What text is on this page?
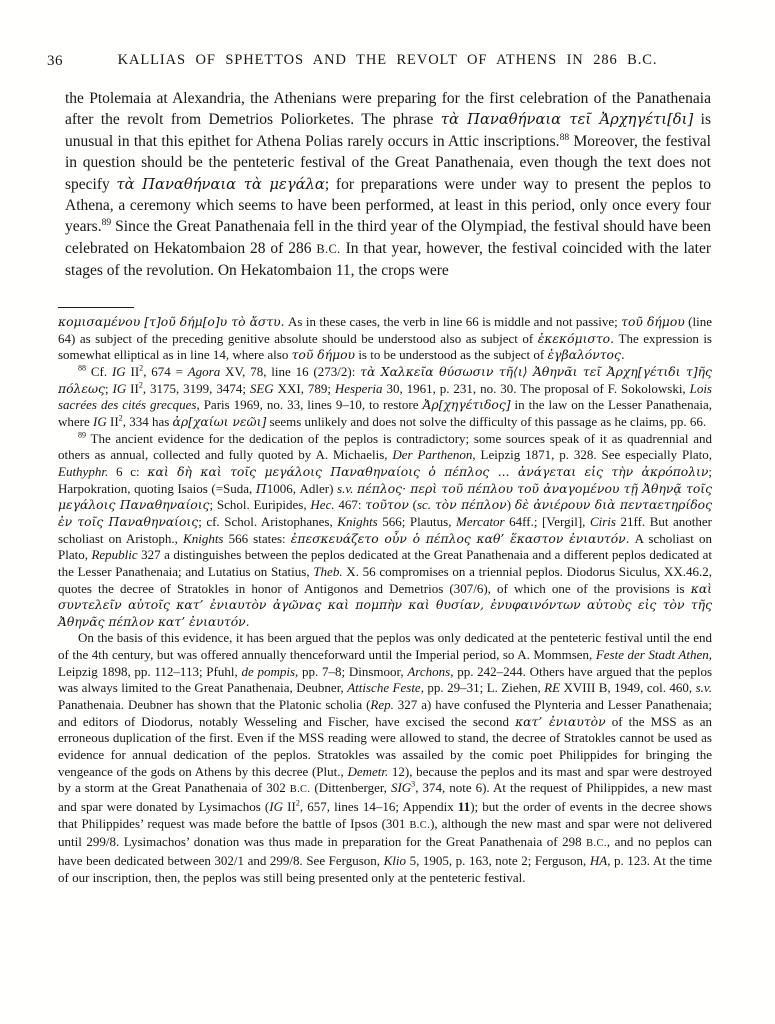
36	KALLIAS OF SPHETTOS AND THE REVOLT OF ATHENS IN 286 B.C.

the Ptolemaia at Alexandria, the Athenians were preparing for the first celebration of the Panathenaia after the revolt from Demetrios Poliorketes. The phrase τὰ Παναθήναια τεῖ Ἀρχηγέτι[δι] is unusual in that this epithet for Athena Polias rarely occurs in Attic inscriptions.$^{88}$ Moreover, the festival in question should be the penteteric festival of the Great Panathenaia, even though the text does not specify τὰ Παναθήναια τὰ μεγάλα; for preparations were under way to present the peplos to Athena, a ceremony which seems to have been performed, at least in this period, only once every four years.$^{89}$ Since the Great Panathenaia fell in the third year of the Olympiad, the festival should have been celebrated on Hekatombaion 28 of 286 B.C. In that year, however, the festival coincided with the later stages of the revolution. On Hekatombaion 11, the crops were

κομισαμένου [τ]οῦ δήμ[ο]υ τὸ ἄστυ. As in these cases, the verb in line 66 is middle and not passive; τοῦ δήμου (line 64) as subject of the preceding genitive absolute should be understood also as subject of ἐκεκόμιστο. The expression is somewhat elliptical as in line 14, where also τοῦ δήμου is to be understood as the subject of ἐγβαλόντος.

$^{88}$ Cf. IG $II^2$, 674 = Agora XV, 78, line 16 (273/2): τὰ Χαλκεῖα θύσωσιν τῆ⟨ι⟩ Ἀθηνᾶι τεῖ Ἀρχη[γέτιδι τ]ῆς πόλεως; IG $II^2$, 3175, 3199, 3474; SEG XXI, 789; Hesperia 30, 1961, p. 231, no. 30. The proposal of F. Sokolowski, Lois sacrées des cités grecques, Paris 1969, no. 33, lines 9–10, to restore Ἀρ[χηγέτιδος] in the law on the Lesser Panathenaia, where IG $II^2$, 334 has ἀρ[χαίωι νεῶι] seems unlikely and does not solve the difficulty of this passage as he claims, pp. 66.

$^{89}$ The ancient evidence for the dedication of the peplos is contradictory; some sources speak of it as quadrennial and others as annual, collected and fully quoted by A. Michaelis, Der Parthenon, Leipzig 1871, p. 328. See especially Plato, Euthyphr. 6 c: καὶ δὴ καὶ τοῖς μεγάλοις Παναθηναίοις ὁ πέπλος ... ἀνάγεται εἰς τὴν ἀκρόπολιν; Harpokration, quoting Isaios (=Suda, Π1006, Adler) s.v. πέπλος· περὶ τοῦ πέπλου τοῦ ἀναγομένου τῇ Ἀθηνᾷ τοῖς μεγάλοις Παναθηναίοις; Schol. Euripides, Hec. 467: τοῦτον (sc. τὸν πέπλον) δὲ ἀνιέρουν διὰ πενταετηρίδος ἐν τοῖς Παναθηναίοις; cf. Schol. Aristophanes, Knights 566; Plautus, Mercator 64ff.; [Vergil], Ciris 21ff. But another scholiast on Aristoph., Knights 566 states: ἐπεσκευάζετο οὖν ὁ πέπλος καθ’ ἕκαστον ἐνιαυτόν. A scholiast on Plato, Republic 327 a distinguishes between the peplos dedicated at the Great Panathenaia and a different peplos dedicated at the Lesser Panathenaia; and Lutatius on Statius, Theb. X. 56 compromises on a triennial peplos. Diodorus Siculus, XX.46.2, quotes the decree of Stratokles in honor of Antigonos and Demetrios (307/6), of which one of the provisions is καὶ συντελεῖν αὐτοῖς κατ’ ἐνιαυτὸν ἀγῶνας καὶ πομπὴν καὶ θυσίαν, ἐνυφαινόντων αὐτοὺς εἰς τὸν τῆς Ἀθηνᾶς πέπλον κατ’ ἐνιαυτόν.

On the basis of this evidence, it has been argued that the peplos was only dedicated at the penteteric festival until the end of the 4th century, but was offered annually thenceforward until the Imperial period, so A. Mommsen, Feste der Stadt Athen, Leipzig 1898, pp. 112–113; Pfuhl, de pompis, pp. 7–8; Dinsmoor, Archons, pp. 242–244. Others have argued that the peplos was always limited to the Great Panathenaia, Deubner, Attische Feste, pp. 29–31; L. Ziehen, RE XVIII B, 1949, col. 460, s.v. Panathenaia. Deubner has shown that the Platonic scholia (Rep. 327 a) have confused the Plynteria and Lesser Panathenaia; and editors of Diodorus, notably Wesseling and Fischer, have excised the second κατ’ ἐνιαυτὸν of the MSS as an erroneous duplication of the first. Even if the MSS reading were allowed to stand, the decree of Stratokles cannot be used as evidence for annual dedication of the peplos. Stratokles was assailed by the comic poet Philippides for bringing the vengeance of the gods on Athens by this decree (Plut., Demetr. 12), because the peplos and its mast and spar were destroyed by a storm at the Great Panathenaia of 302 B.C. (Dittenberger, SIG$^3$, 374, note 6). At the request of Philippides, a new mast and spar were donated by Lysimachos (IG $II^2$, 657, lines 14–16; Appendix 11); but the order of events in the decree shows that Philippides’ request was made before the battle of Ipsos (301 B.C.), although the new mast and spar were not delivered until 299/8. Lysimachos’ donation was thus made in preparation for the Great Panathenaia of 298 B.C., and no peplos can have been dedicated between 302/1 and 299/8. See Ferguson, Klio 5, 1905, p. 163, note 2; Ferguson, HA, p. 123. At the time of our inscription, then, the peplos was still being presented only at the penteteric festival.
